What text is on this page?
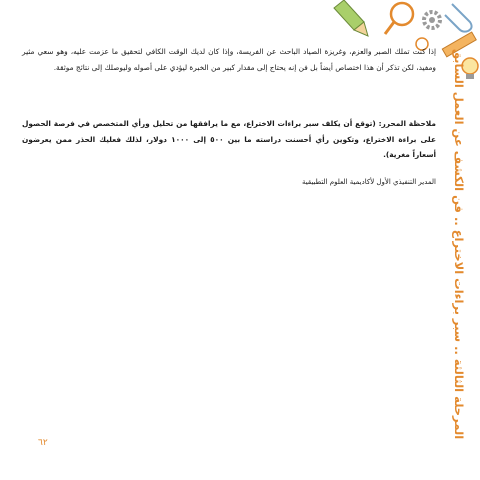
إذا كنت تملك الصبر والعزم، وغريزة الصياد الباحث عن الفريسة، وإذا كان لديك الوقت الكافي لتحقيق ما عزمت عليه، وهو سعي مثير ومفيد، لكن تذكر أن هذا اختصاص أيضاً بل فن إنه يحتاج إلى مقدار كبير من الخبرة ليؤدي على أصوله وليوصلك إلى نتائج موثقة.
ملاحظة المحرر: (توقع أن يكلف سبر براءات الاختراع، مع ما يرافقها من تحليل ورأي المتخصص في فرصة الحصول على براءة الاختراع، وتكوين رأي أحسنت دراسته ما بين ٥٠٠ إلى ١٠٠٠ دولار، لذلك فعليك الحذر ممن يعرضون أسعاراً مغرية).
المدير التنفيذي الأول لأكاديمية العلوم التطبيقية المرحلة الثالثة .. سبر براءات الاختراع .. فن الكشف عن العمل السابق
٦٢
